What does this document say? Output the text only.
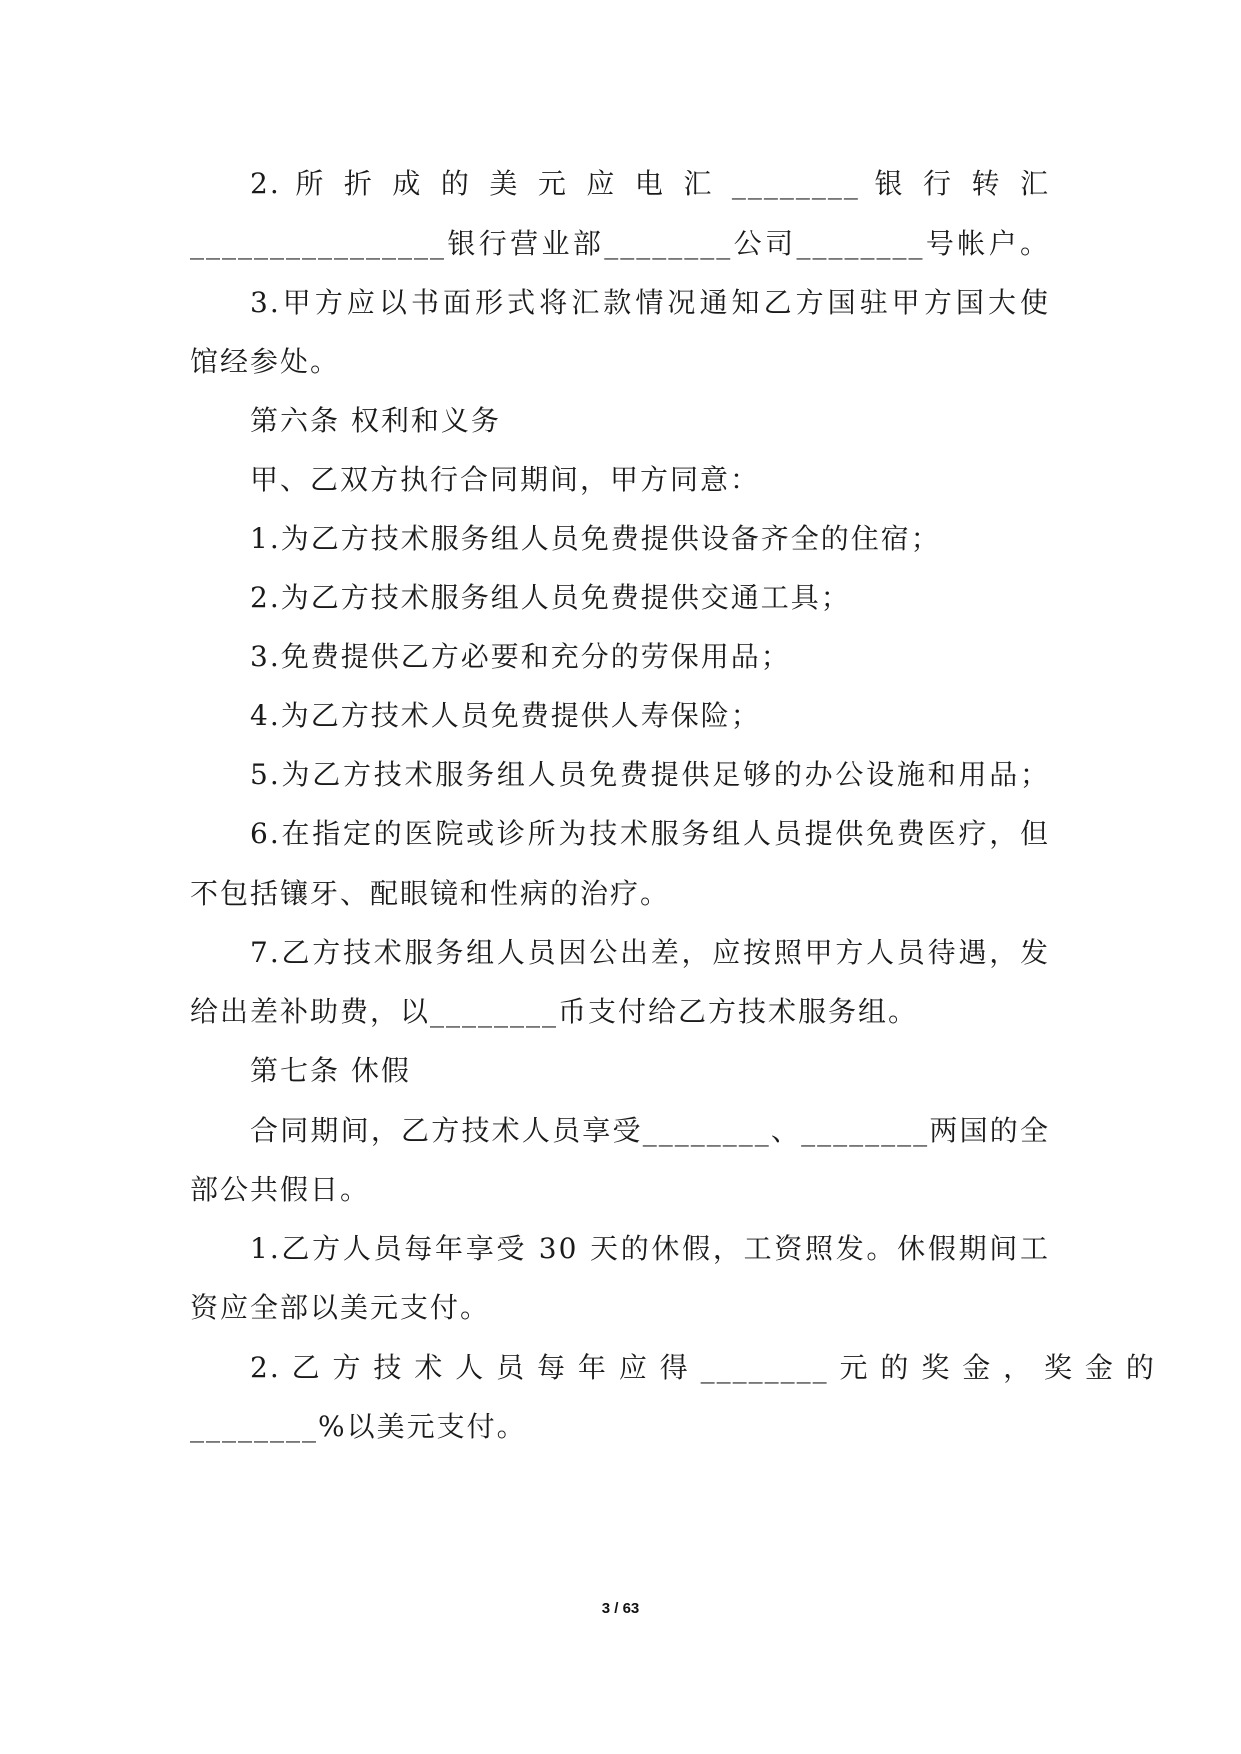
2. 所 折 成 的 美 元 应 电 汇 ________ 银 行 转 汇
________________银行营业部________公司________号帐户。
3.甲方应以书面形式将汇款情况通知乙方国驻甲方国大使
馆经参处。
第六条 权利和义务
甲、乙双方执行合同期间，甲方同意：
1.为乙方技术服务组人员免费提供设备齐全的住宿；
2.为乙方技术服务组人员免费提供交通工具；
3.免费提供乙方必要和充分的劳保用品；
4.为乙方技术人员免费提供人寿保险；
5.为乙方技术服务组人员免费提供足够的办公设施和用品；
6.在指定的医院或诊所为技术服务组人员提供免费医疗，但
不包括镶牙、配眼镜和性病的治疗。
7.乙方技术服务组人员因公出差，应按照甲方人员待遇，发
给出差补助费，以________币支付给乙方技术服务组。
第七条 休假
合同期间，乙方技术人员享受________、________两国的全
部公共假日。
1.乙方人员每年享受 30 天的休假，工资照发。休假期间工
资应全部以美元支付。
2. 乙 方 技 术 人 员 每 年 应 得 ________ 元 的 奖 金 ， 奖 金 的
________%以美元支付。
3 / 63
